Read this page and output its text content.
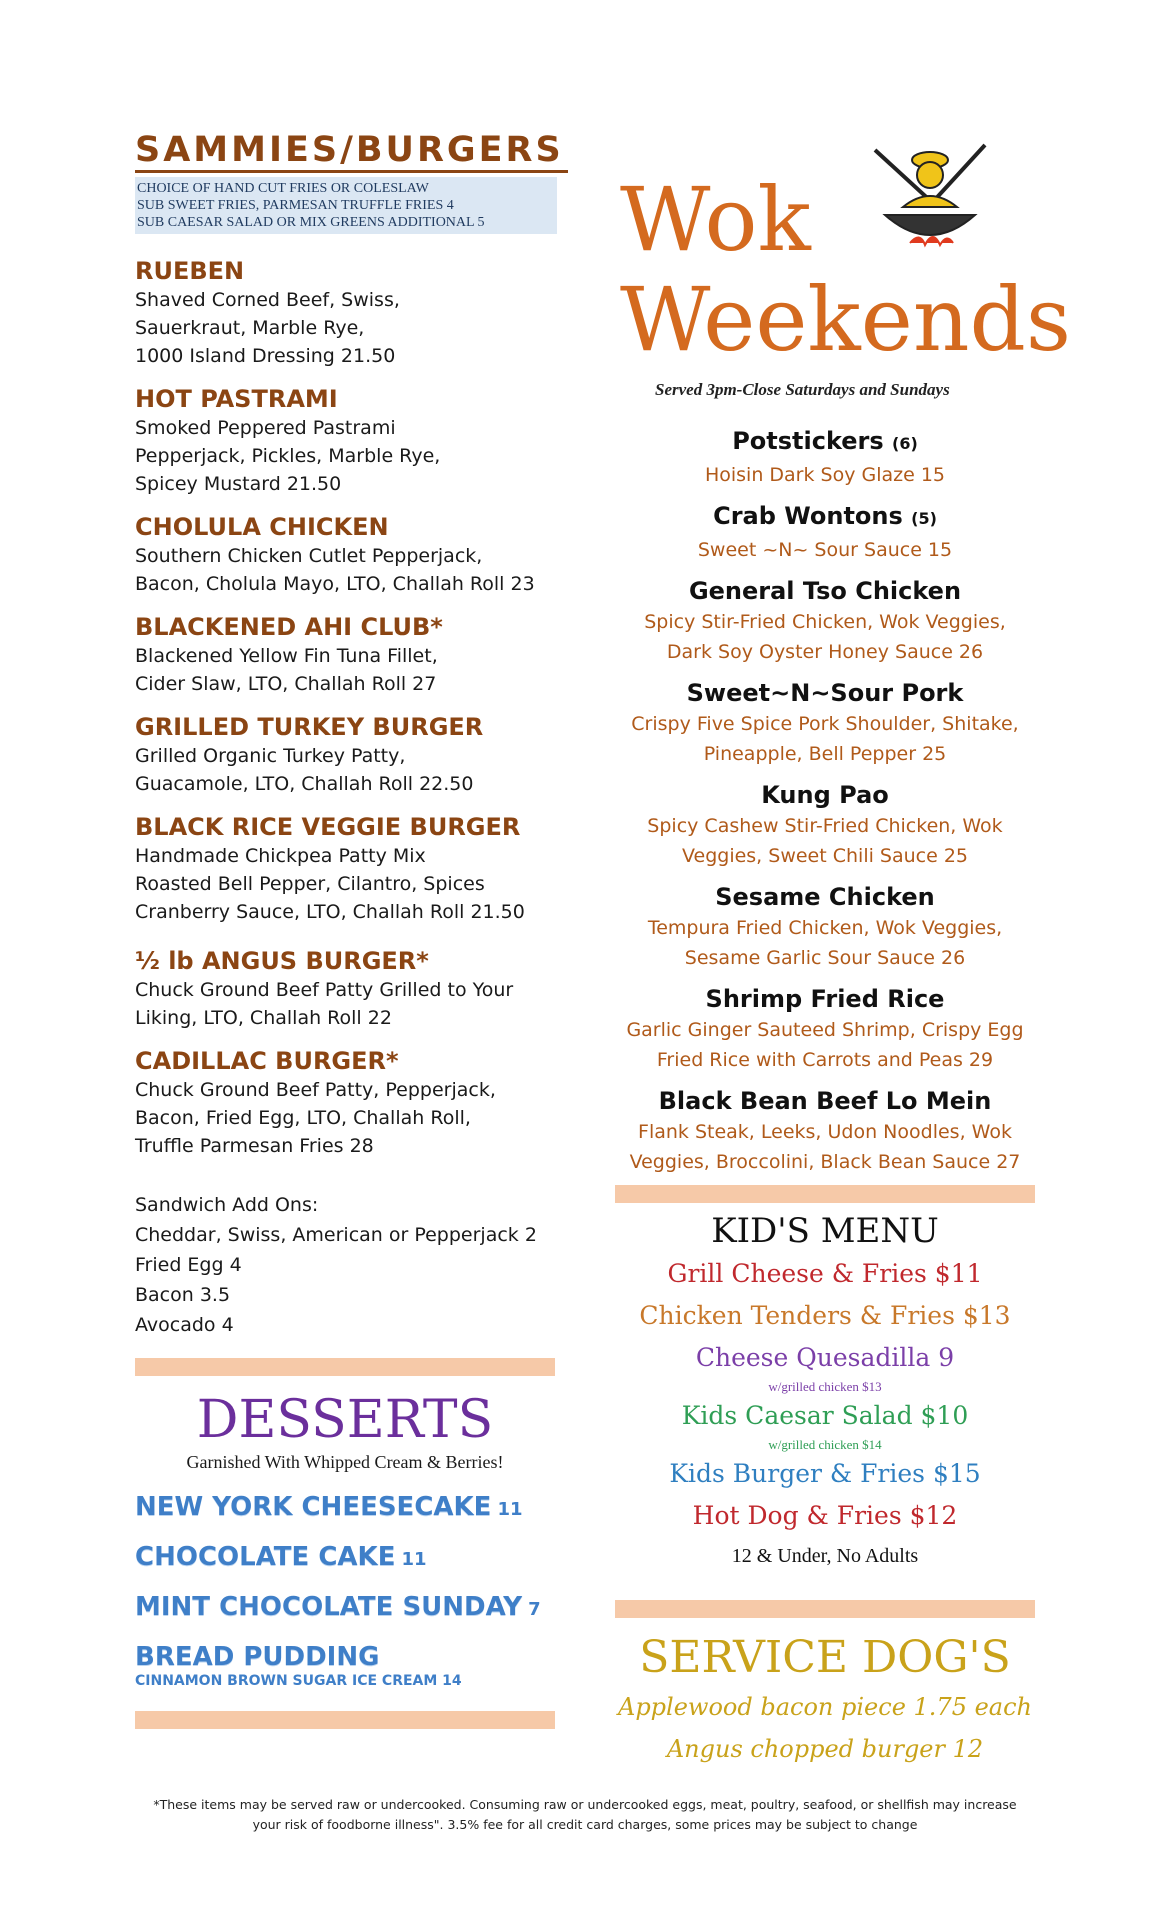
SAMMIES/BURGERS
CHOICE OF HAND CUT FRIES OR COLESLAW
SUB SWEET FRIES, PARMESAN TRUFFLE FRIES 4
SUB CAESAR SALAD OR MIX GREENS ADDITIONAL 5
RUEBEN
Shaved Corned Beef, Swiss,
Sauerkraut, Marble Rye,
1000 Island Dressing 21.50
HOT PASTRAMI
Smoked Peppered Pastrami
Pepperjack, Pickles, Marble Rye,
Spicey Mustard 21.50
CHOLULA CHICKEN
Southern Chicken Cutlet Pepperjack,
Bacon, Cholula Mayo, LTO, Challah Roll 23
BLACKENED AHI CLUB*
Blackened Yellow Fin Tuna Fillet,
Cider Slaw, LTO, Challah Roll 27
GRILLED TURKEY BURGER
Grilled Organic Turkey Patty,
Guacamole, LTO, Challah Roll 22.50
BLACK RICE VEGGIE BURGER
Handmade Chickpea Patty Mix
Roasted Bell Pepper, Cilantro, Spices
Cranberry Sauce, LTO, Challah Roll 21.50
½ lb ANGUS BURGER*
Chuck Ground Beef Patty Grilled to Your
Liking, LTO, Challah Roll 22
CADILLAC BURGER*
Chuck Ground Beef Patty, Pepperjack,
Bacon, Fried Egg, LTO, Challah Roll,
Truffle Parmesan Fries 28
Sandwich Add Ons:
Cheddar, Swiss, American or Pepperjack 2
Fried Egg 4
Bacon 3.5
Avocado 4
DESSERTS
Garnished With Whipped Cream & Berries!
NEW YORK CHEESECAKE 11
CHOCOLATE CAKE 11
MINT CHOCOLATE SUNDAY 7
BREAD PUDDING
CINNAMON BROWN SUGAR ICE CREAM 14
Wok
Weekends
Served 3pm-Close Saturdays and Sundays
Potstickers (6)
Hoisin Dark Soy Glaze 15
Crab Wontons (5)
Sweet ~N~ Sour Sauce 15
General Tso Chicken
Spicy Stir-Fried Chicken, Wok Veggies,
Dark Soy Oyster Honey Sauce 26
Sweet~N~Sour Pork
Crispy Five Spice Pork Shoulder, Shitake,
Pineapple, Bell Pepper 25
Kung Pao
Spicy Cashew Stir-Fried Chicken, Wok
Veggies, Sweet Chili Sauce 25
Sesame Chicken
Tempura Fried Chicken, Wok Veggies,
Sesame Garlic Sour Sauce 26
Shrimp Fried Rice
Garlic Ginger Sauteed Shrimp, Crispy Egg
Fried Rice with Carrots and Peas 29
Black Bean Beef Lo Mein
Flank Steak, Leeks, Udon Noodles, Wok
Veggies, Broccolini, Black Bean Sauce 27
KID'S MENU
Grill Cheese & Fries $11
Chicken Tenders & Fries $13
Cheese Quesadilla 9
w/grilled chicken $13
Kids Caesar Salad $10
w/grilled chicken $14
Kids Burger & Fries $15
Hot Dog & Fries $12
12 & Under, No Adults
SERVICE DOG'S
Applewood bacon piece 1.75 each
Angus chopped burger 12
*These items may be served raw or undercooked. Consuming raw or undercooked eggs, meat, poultry, seafood, or shellfish may increase your risk of foodborne illness". 3.5% fee for all credit card charges, some prices may be subject to change
